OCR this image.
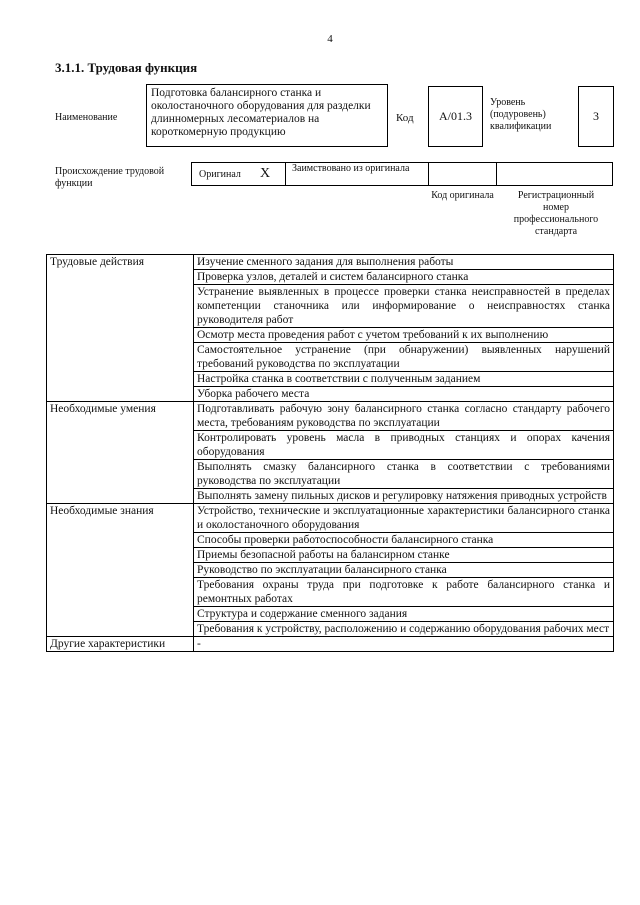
4
3.1.1. Трудовая функция
Наименование
Подготовка балансирного станка и околостаночного оборудования для разделки длинномерных лесоматериалов на короткомерную продукцию
Код	A/01.3
Уровень (подуровень) квалификации
3
Происхождение трудовой функции
Оригинал X Заимствовано из оригинала
Код оригинала	Регистрационный номер профессионального стандарта
Трудовые действия	Изучение сменного задания для выполнения работы
	Проверка узлов, деталей и систем балансирного станка
	Устранение выявленных в процессе проверки станка неисправностей в пределах компетенции станочника или информирование о неисправностях станка руководителя работ
	Осмотр места проведения работ с учетом требований к их выполнению
	Самостоятельное устранение (при обнаружении) выявленных нарушений требований руководства по эксплуатации
	Настройка станка в соответствии с полученным заданием
	Уборка рабочего места
Необходимые умения	Подготавливать рабочую зону балансирного станка согласно стандарту рабочего места, требованиям руководства по эксплуатации
	Контролировать уровень масла в приводных станциях и опорах качения оборудования
	Выполнять смазку балансирного станка в соответствии с требованиями руководства по эксплуатации
	Выполнять замену пильных дисков и регулировку натяжения приводных устройств
Необходимые знания	Устройство, технические и эксплуатационные характеристики балансирного станка и околостаночного оборудования
	Способы проверки работоспособности балансирного станка
	Приемы безопасной работы на балансирном станке
	Руководство по эксплуатации балансирного станка
	Требования охраны труда при подготовке к работе балансирного станка и ремонтных работах
	Структура и содержание сменного задания
	Требования к устройству, расположению и содержанию оборудования рабочих мест
Другие характеристики	-
